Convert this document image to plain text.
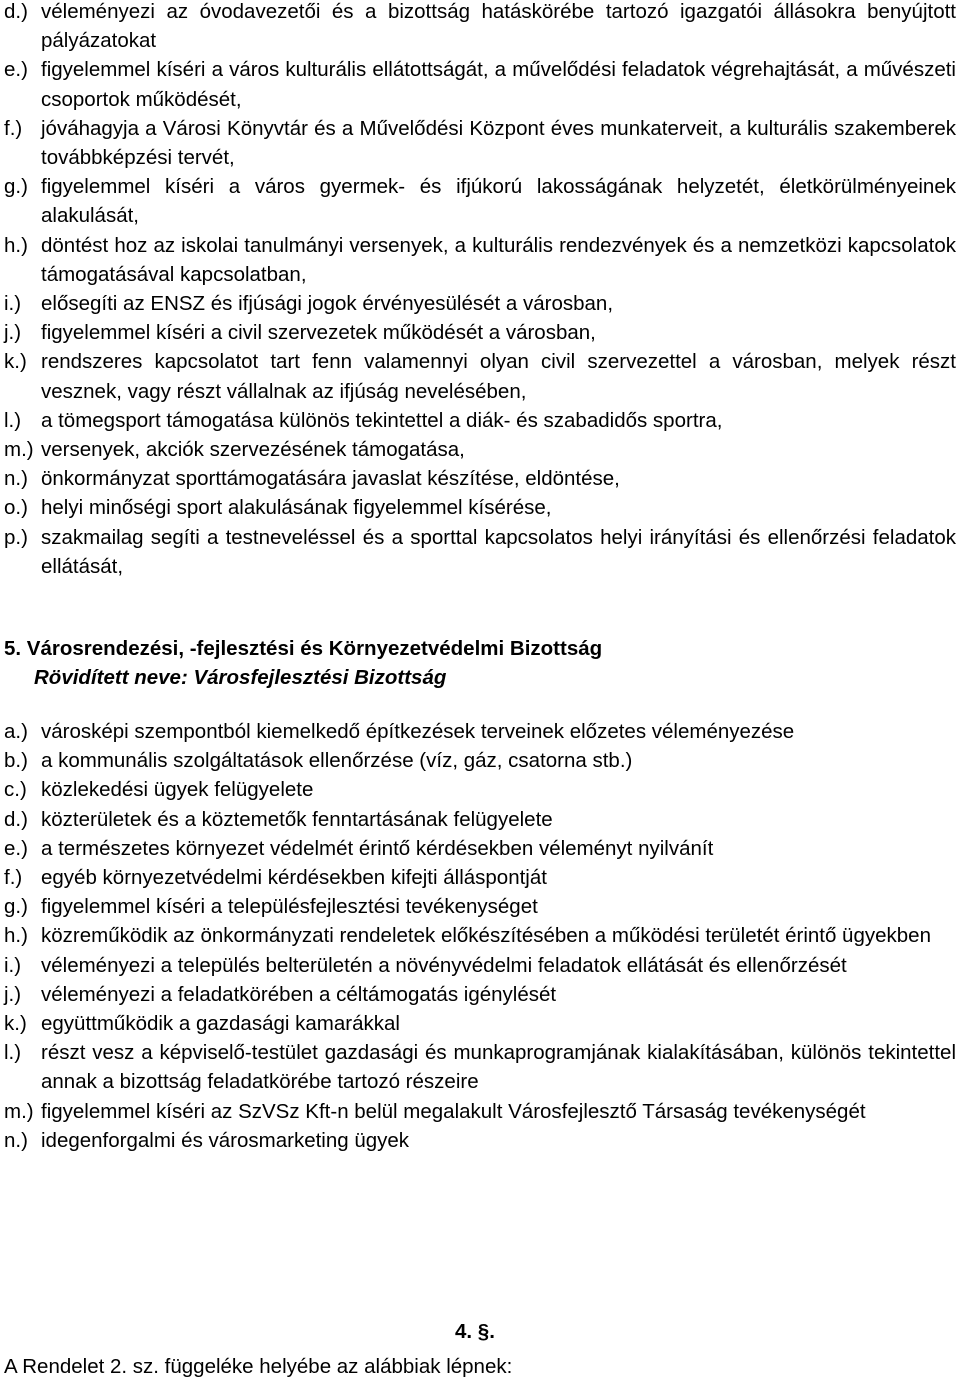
d.) véleményezi az óvodavezetői és a bizottság hatáskörébe tartozó igazgatói állásokra benyújtott pályázatokat
e.) figyelemmel kíséri a város kulturális ellátottságát, a művelődési feladatok végrehajtását, a művészeti csoportok működését,
f.) jóváhagyja a Városi Könyvtár és a Művelődési Központ éves munkaterveit, a kulturális szakemberek továbbképzési tervét,
g.) figyelemmel kíséri a város gyermek- és ifjúkorú lakosságának helyzetét, életkörülményeinek alakulását,
h.) döntést hoz az iskolai tanulmányi versenyek, a kulturális rendezvények és a nemzetközi kapcsolatok támogatásával kapcsolatban,
i.) elősegíti az ENSZ és ifjúsági jogok érvényesülését a városban,
j.) figyelemmel kíséri a civil szervezetek működését a városban,
k.) rendszeres kapcsolatot tart fenn valamennyi olyan civil szervezettel a városban, melyek részt vesznek, vagy részt vállalnak az ifjúság nevelésében,
l.) a tömegsport támogatása különös tekintettel a diák- és szabadidős sportra,
m.) versenyek, akciók szervezésének támogatása,
n.) önkormányzat sporttámogatására javaslat készítése, eldöntése,
o.) helyi minőségi sport alakulásának figyelemmel kísérése,
p.) szakmailag segíti a testneveléssel és a sporttal kapcsolatos helyi irányítási és ellenőrzési feladatok ellátását,
5. Városrendezési, -fejlesztési és Környezetvédelmi Bizottság
Rövidített neve: Városfejlesztési Bizottság
a.) városképi szempontból kiemelkedő építkezések terveinek előzetes véleményezése
b.) a kommunális szolgáltatások ellenőrzése (víz, gáz, csatorna stb.)
c.) közlekedési ügyek felügyelete
d.) közterületek és a köztemetők fenntartásának felügyelete
e.) a természetes környezet védelmét érintő kérdésekben véleményt nyilvánít
f.) egyéb környezetvédelmi kérdésekben kifejti álláspontját
g.) figyelemmel kíséri a településfejlesztési tevékenységet
h.) közreműködik az önkormányzati rendeletek előkészítésében a működési területét érintő ügyekben
i.) véleményezi a település belterületén a növényvédelmi feladatok ellátását és ellenőrzését
j.) véleményezi a feladatkörében a céltámogatás igénylését
k.) együttműködik a gazdasági kamarákkal
l.) részt vesz a képviselő-testület gazdasági és munkaprogramjának kialakításában, különös tekintettel annak a bizottság feladatkörébe tartozó részeire
m.) figyelemmel kíséri az SzVSz Kft-n belül megalakult Városfejlesztő Társaság tevékenységét
n.) idegenforgalmi és városmarketing ügyek
4. §.
A Rendelet 2. sz. függeléke helyébe az alábbiak lépnek:
